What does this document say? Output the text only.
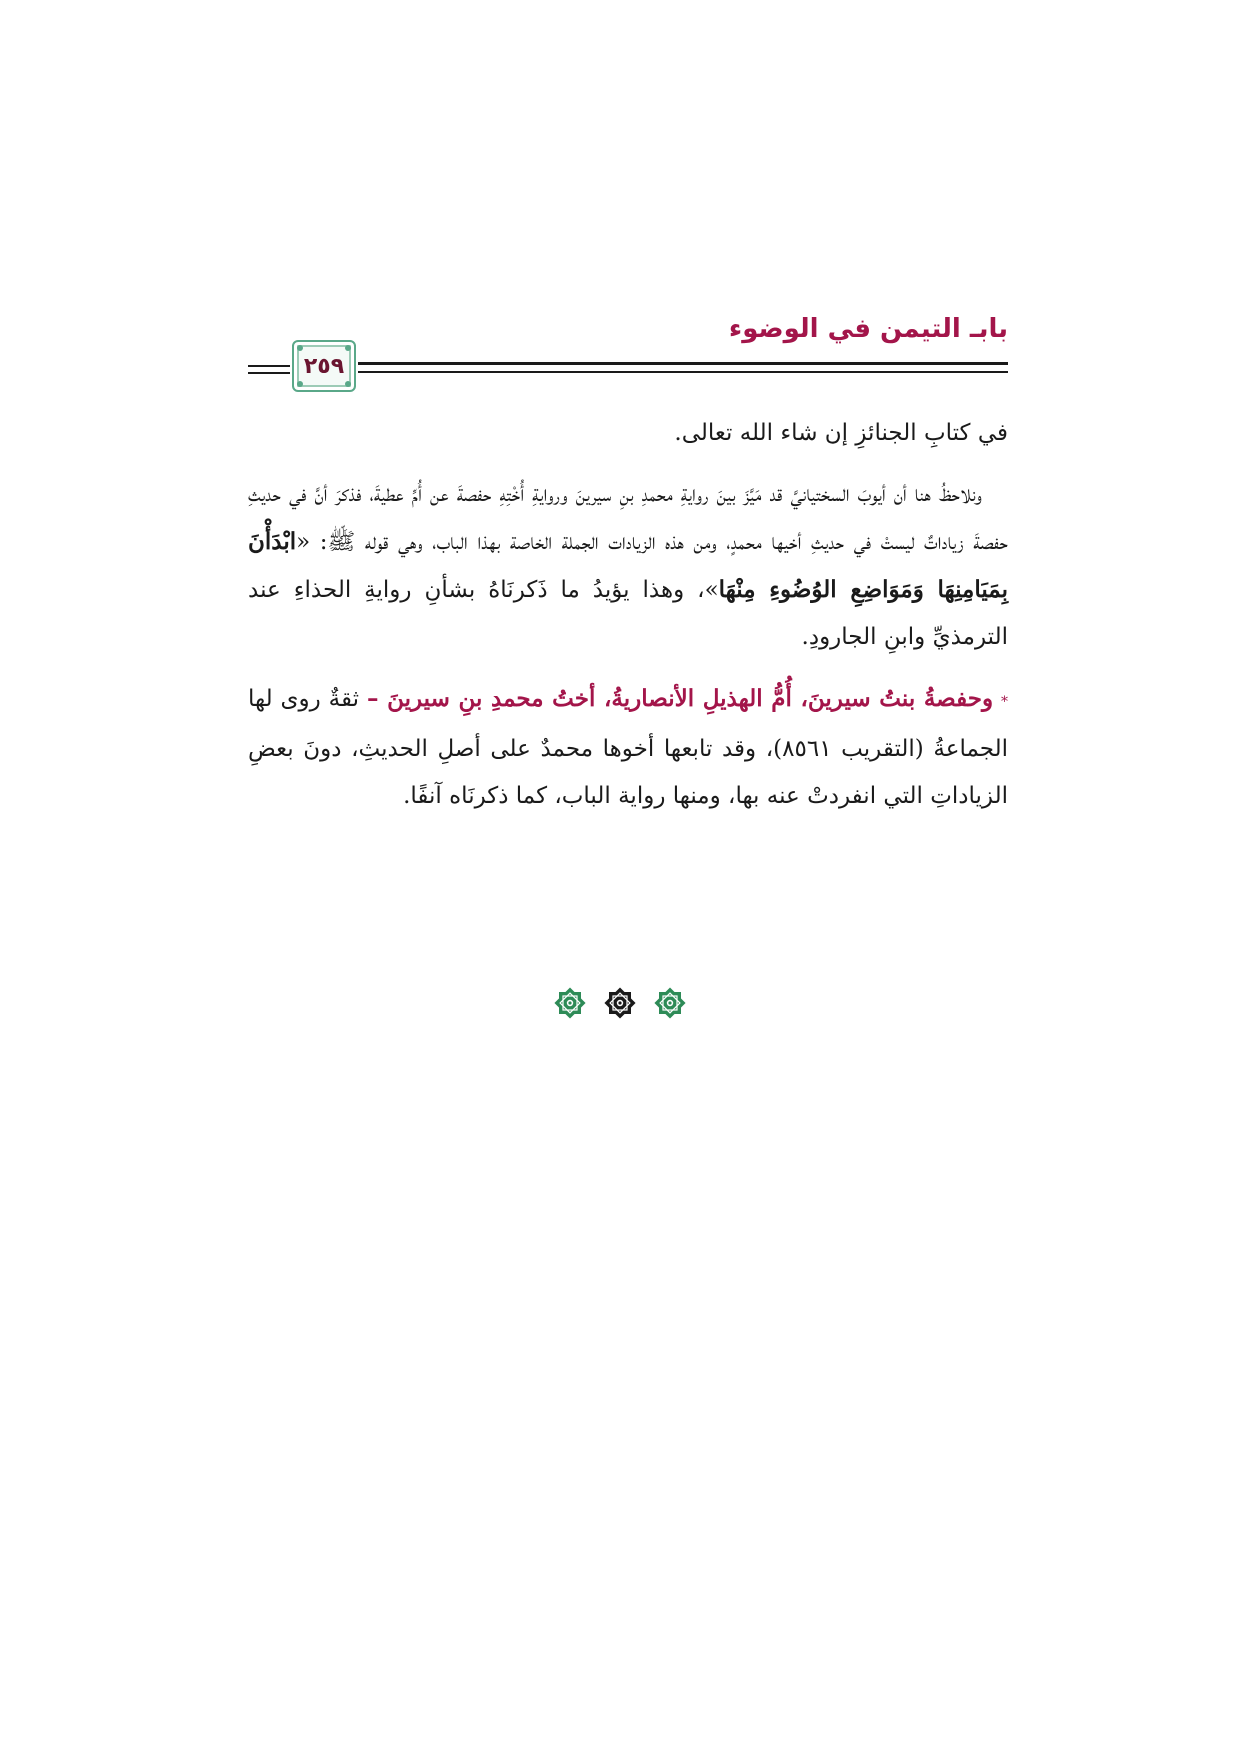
بابـ التيمن في الوضوء
٢٥٩

في كتابِ الجنائزِ إن شاء الله تعالى.

ونلاحظُ هنا أن أيوبَ السختيانيَّ قد مَيَّزَ بينَ روايةِ محمدِ بنِ سيرينَ وروايةِ أُخْتِهِ حفصةَ عن أُمِّ عطيةَ، فذكرَ أنَّ في حديثِ حفصةَ زياداتٌ ليستْ في حديثِ أخيها محمدٍ، ومن هذه الزيادات الجملة الخاصة بهذا الباب، وهي قوله ﷺ: «ابْدَأْنَ بِمَيَامِنِهَا وَمَوَاضِعِ الوُضُوءِ مِنْهَا»، وهذا يؤيدُ ما ذَكرنَاهُ بشأنِ روايةِ الحذاءِ عند الترمذيِّ وابنِ الجارودِ.

* وحفصةُ بنتُ سيرينَ، أُمُّ الهذيلِ الأنصاريةُ، أختُ محمدِ بنِ سيرينَ – ثقةٌ روى لها الجماعةُ (التقريب ٨٥٦١)، وقد تابعها أخوها محمدٌ على أصلِ الحديثِ، دونَ بعضِ الزياداتِ التي انفردتْ عنه بها، ومنها رواية الباب، كما ذكرنَاه آنفًا.
